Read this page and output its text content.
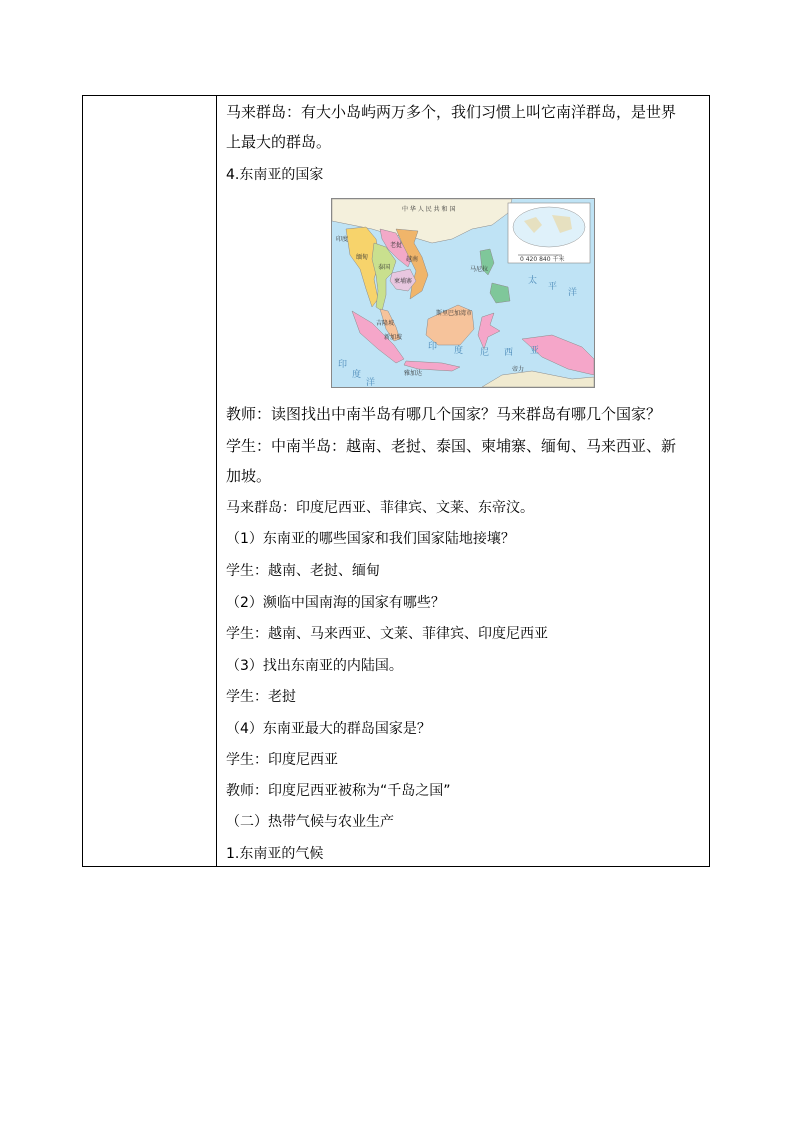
马来群岛：有大小岛屿两万多个，我们习惯上叫它南洋群岛，是世界
上最大的群岛。
4.东南亚的国家
0 420 840 千米
中 华 人 民 共 和 国
印度
缅甸
老挝
越南
泰国
柬埔寨
马尼拉
斯里巴加湾市
吉隆坡
新加坡
雅加达
帝力
印 度 尼 西 亚
太
平
洋
印
度
洋
教师：读图找出中南半岛有哪几个国家？马来群岛有哪几个国家？
学生：中南半岛：越南、老挝、泰国、柬埔寨、缅甸、马来西亚、新
加坡。
马来群岛：印度尼西亚、菲律宾、文莱、东帝汶。
（1）东南亚的哪些国家和我们国家陆地接壤？
学生：越南、老挝、缅甸
（2）濒临中国南海的国家有哪些？
学生：越南、马来西亚、文莱、菲律宾、印度尼西亚
（3）找出东南亚的内陆国。
学生：老挝
（4）东南亚最大的群岛国家是？
学生：印度尼西亚
教师：印度尼西亚被称为“千岛之国”
（二）热带气候与农业生产
1.东南亚的气候
